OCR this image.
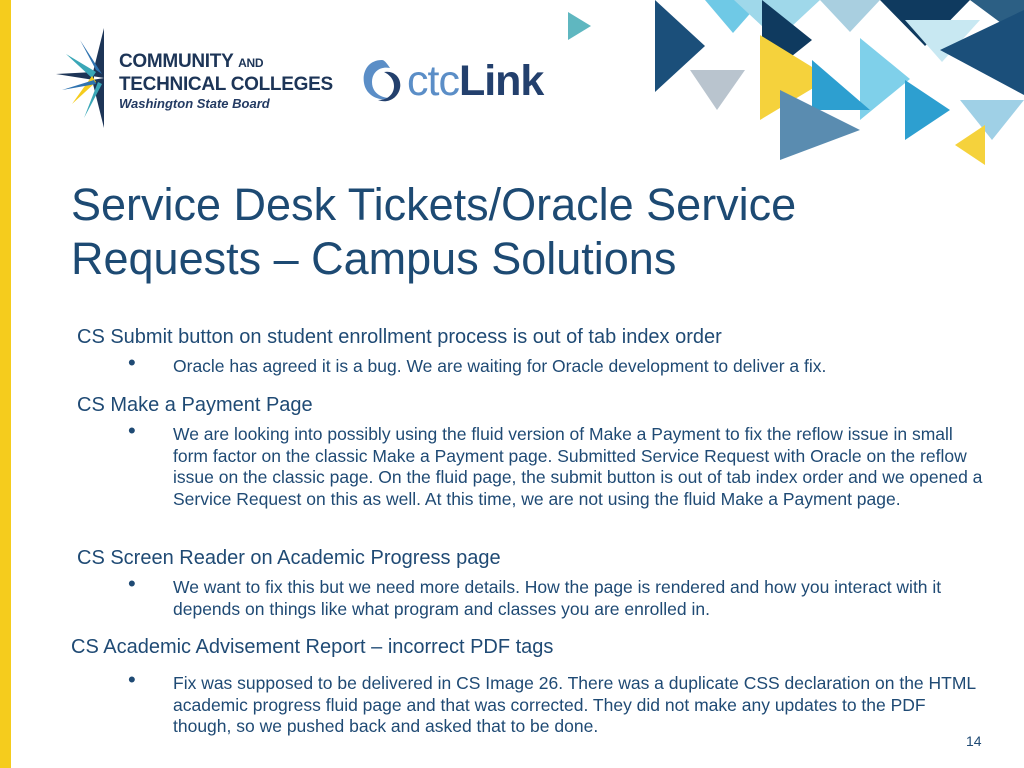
COMMUNITY AND
TECHNICAL COLLEGES
Washington State Board	ctcLink
Service Desk Tickets/Oracle Service
Requests – Campus Solutions
CS Submit button on student enrollment process is out of tab index order
• Oracle has agreed it is a bug. We are waiting for Oracle development to deliver a fix.
CS Make a Payment Page
• We are looking into possibly using the fluid version of Make a Payment to fix the reflow issue in small form factor on the classic Make a Payment page. Submitted Service Request with Oracle on the reflow issue on the classic page. On the fluid page, the submit button is out of tab index order and we opened a Service Request on this as well. At this time, we are not using the fluid Make a Payment page.
CS Screen Reader on Academic Progress page
• We want to fix this but we need more details. How the page is rendered and how you interact with it depends on things like what program and classes you are enrolled in.
CS Academic Advisement Report – incorrect PDF tags
• Fix was supposed to be delivered in CS Image 26. There was a duplicate CSS declaration on the HTML academic progress fluid page and that was corrected. They did not make any updates to the PDF though, so we pushed back and asked that to be done.
14
